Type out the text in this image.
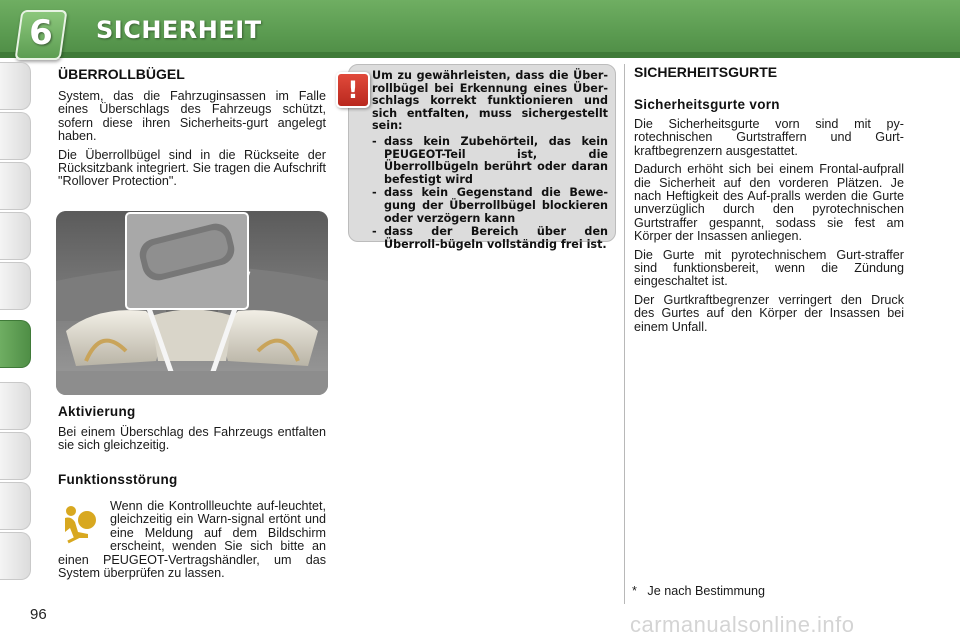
6	SICHERHEIT
ÜBERROLLBÜGEL

System, das die Fahrzuginsassen im Falle eines Überschlags des Fahrzeugs schützt, sofern diese ihren Sicherheits-gurt angelegt haben.

Die Überrollbügel sind in die Rückseite der Rücksitzbank integriert. Sie tragen die Aufschrift "Rollover Protection".

Aktivierung
Bei einem Überschlag des Fahrzeugs entfalten sie sich gleichzeitig.
Funktionsstörung
Wenn die Kontrollleuchte auf-leuchtet, gleichzeitig ein Warn-signal ertönt und eine Meldung auf dem Bildschirm erscheint, wenden Sie sich bitte an einen PEUGEOT-Vertragshändler, um das System überprüfen zu lassen.
!
Um zu gewährleisten, dass die Über-rollbügel bei Erkennung eines Über-schlags korrekt funktionieren und sich entfalten, muss sichergestellt sein:
- dass kein Zubehörteil, das kein PEUGEOT-Teil ist, die Überrollbügeln berührt oder daran befestigt wird
- dass kein Gegenstand die Bewe-gung der Überrollbügel blockieren oder verzögern kann
- dass der Bereich über den Überroll-bügeln vollständig frei ist.
SICHERHEITSGURTE
Sicherheitsgurte vorn

Die Sicherheitsgurte vorn sind mit py-rotechnischen Gurtstraffern und Gurt-kraftbegrenzern ausgestattet.

Dadurch erhöht sich bei einem Frontal-aufprall die Sicherheit auf den vorderen Plätzen. Je nach Heftigkeit des Auf-pralls werden die Gurte unverzüglich durch den pyrotechnischen Gurtstraffer gespannt, sodass sie fest am Körper der Insassen anliegen.

Die Gurte mit pyrotechnischem Gurt-straffer sind funktionsbereit, wenn die Zündung eingeschaltet ist.

Der Gurtkraftbegrenzer verringert den Druck des Gurtes auf den Körper der Insassen bei einem Unfall.

*   Je nach Bestimmung
96	carmanualsonline.info
